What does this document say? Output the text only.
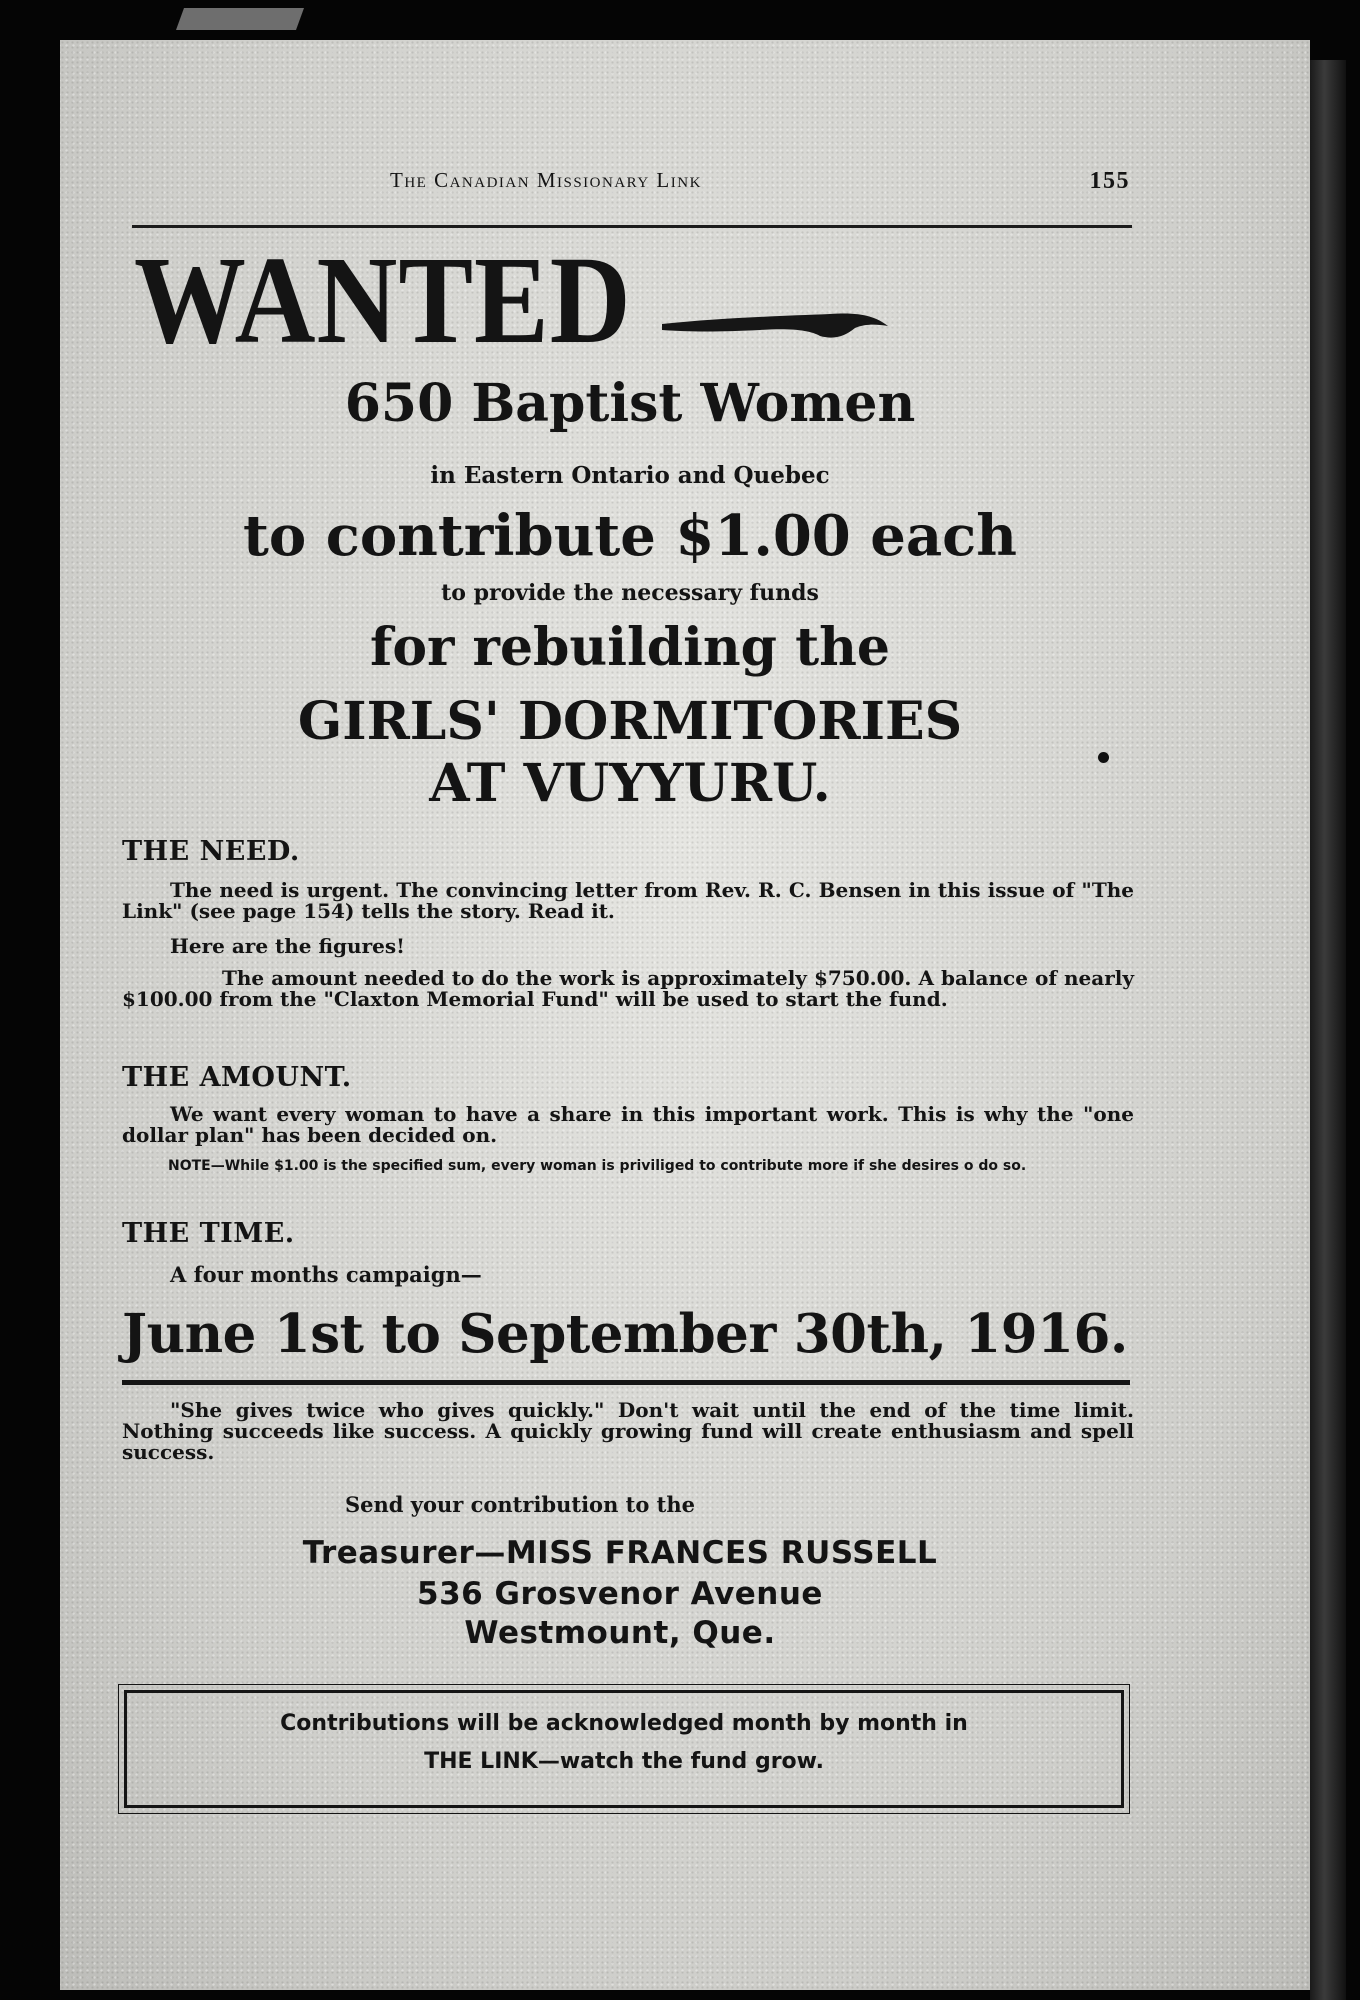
The Canadian Missionary Link	155
WANTED
650 Baptist Women
in Eastern Ontario and Quebec
to contribute $1.00 each
to provide the necessary funds
for rebuilding the
GIRLS' DORMITORIES
AT VUYYURU.
THE NEED.
The need is urgent. The convincing letter from Rev. R. C. Bensen in this issue of "The Link" (see page 154) tells the story. Read it.
Here are the figures!
The amount needed to do the work is approximately $750.00. A balance of nearly $100.00 from the "Claxton Memorial Fund" will be used to start the fund.
THE AMOUNT.
We want every woman to have a share in this important work. This is why the "one dollar plan" has been decided on.
NOTE—While $1.00 is the specified sum, every woman is priviliged to contribute more if she desires o do so.
THE TIME.
A four months campaign—
June 1st to September 30th, 1916.
"She gives twice who gives quickly." Don't wait until the end of the time limit. Nothing succeeds like success. A quickly growing fund will create enthusiasm and spell success.
Send your contribution to the
Treasurer—MISS FRANCES RUSSELL
536 Grosvenor Avenue
Westmount, Que.
Contributions will be acknowledged month by month in
THE LINK—watch the fund grow.
